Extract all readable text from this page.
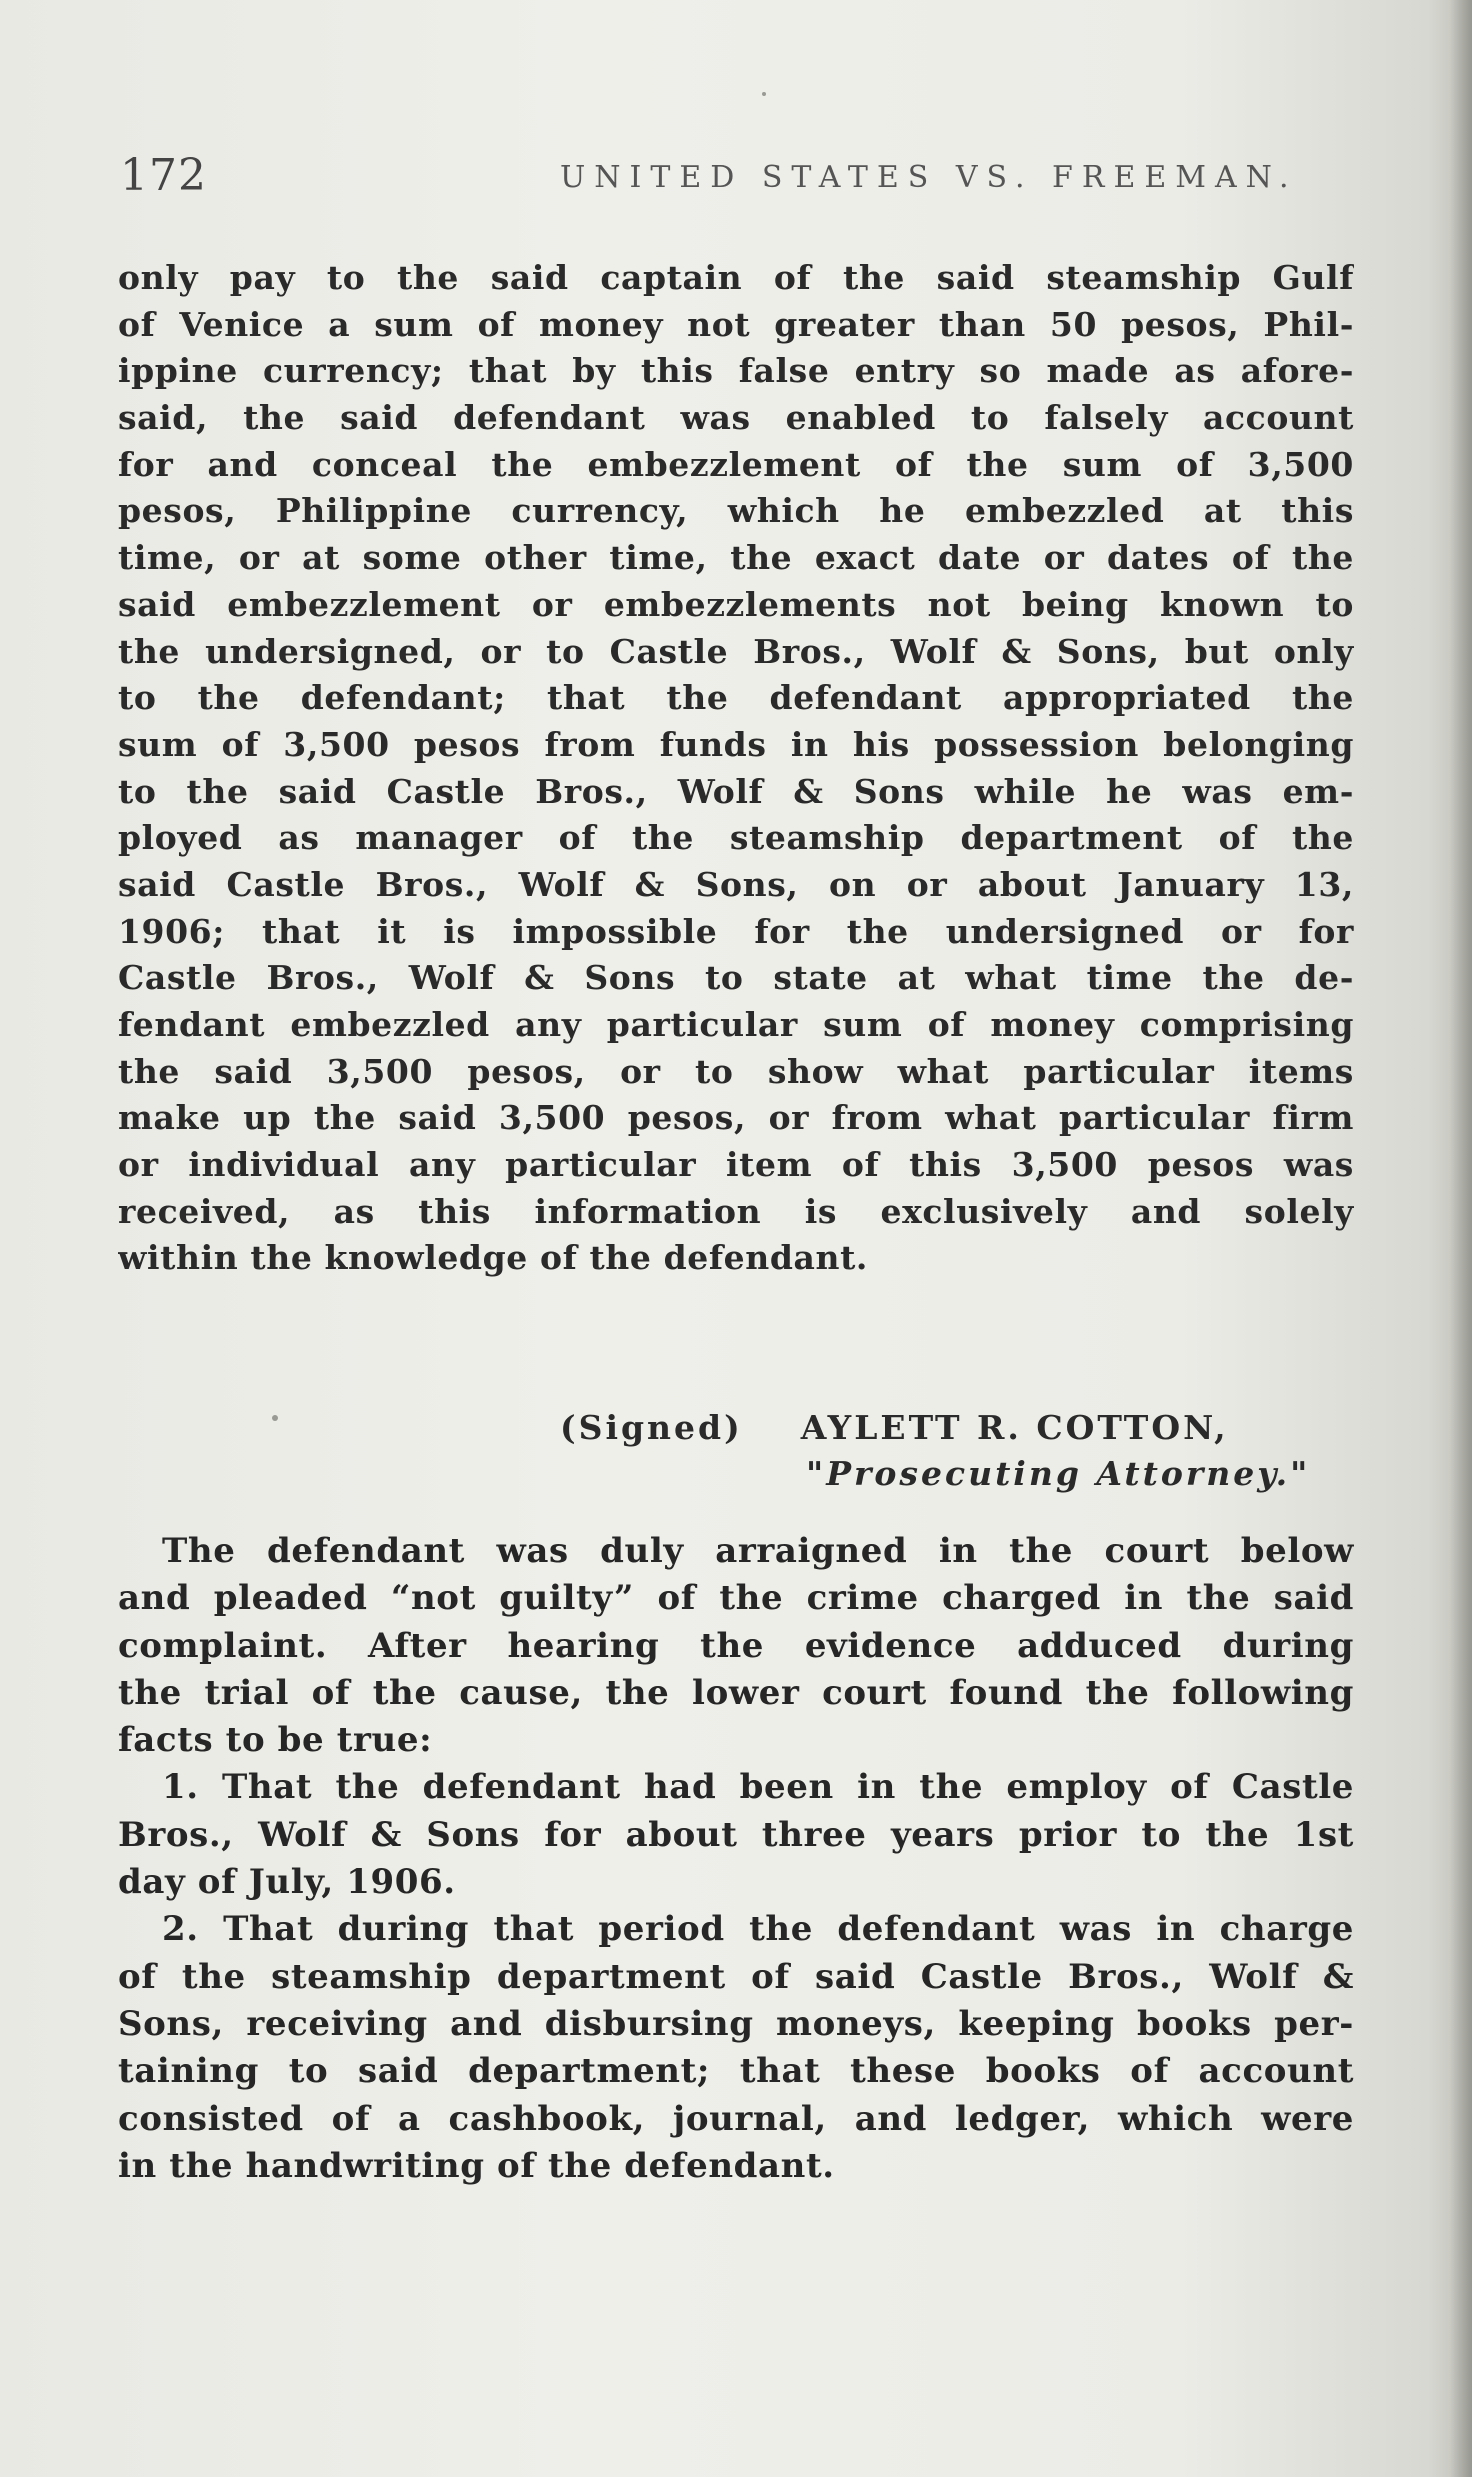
172	UNITED STATES VS. FREEMAN.
only pay to the said captain of the said steamship Gulf
of Venice a sum of money not greater than 50 pesos, Phil-
ippine currency; that by this false entry so made as afore-
said, the said defendant was enabled to falsely account
for and conceal the embezzlement of the sum of 3,500
pesos, Philippine currency, which he embezzled at this
time, or at some other time, the exact date or dates of the
said embezzlement or embezzlements not being known to
the undersigned, or to Castle Bros., Wolf & Sons, but only
to the defendant; that the defendant appropriated the
sum of 3,500 pesos from funds in his possession belonging
to the said Castle Bros., Wolf & Sons while he was em-
ployed as manager of the steamship department of the
said Castle Bros., Wolf & Sons, on or about January 13,
1906; that it is impossible for the undersigned or for
Castle Bros., Wolf & Sons to state at what time the de-
fendant embezzled any particular sum of money comprising
the said 3,500 pesos, or to show what particular items
make up the said 3,500 pesos, or from what particular firm
or individual any particular item of this 3,500 pesos was
received, as this information is exclusively and solely
within the knowledge of the defendant.
(Signed) AYLETT R. COTTON,
"Prosecuting Attorney."
The defendant was duly arraigned in the court below
and pleaded “not guilty” of the crime charged in the said
complaint. After hearing the evidence adduced during
the trial of the cause, the lower court found the following
facts to be true:
1. That the defendant had been in the employ of Castle
Bros., Wolf & Sons for about three years prior to the 1st
day of July, 1906.
2. That during that period the defendant was in charge
of the steamship department of said Castle Bros., Wolf &
Sons, receiving and disbursing moneys, keeping books per-
taining to said department; that these books of account
consisted of a cashbook, journal, and ledger, which were
in the handwriting of the defendant.
